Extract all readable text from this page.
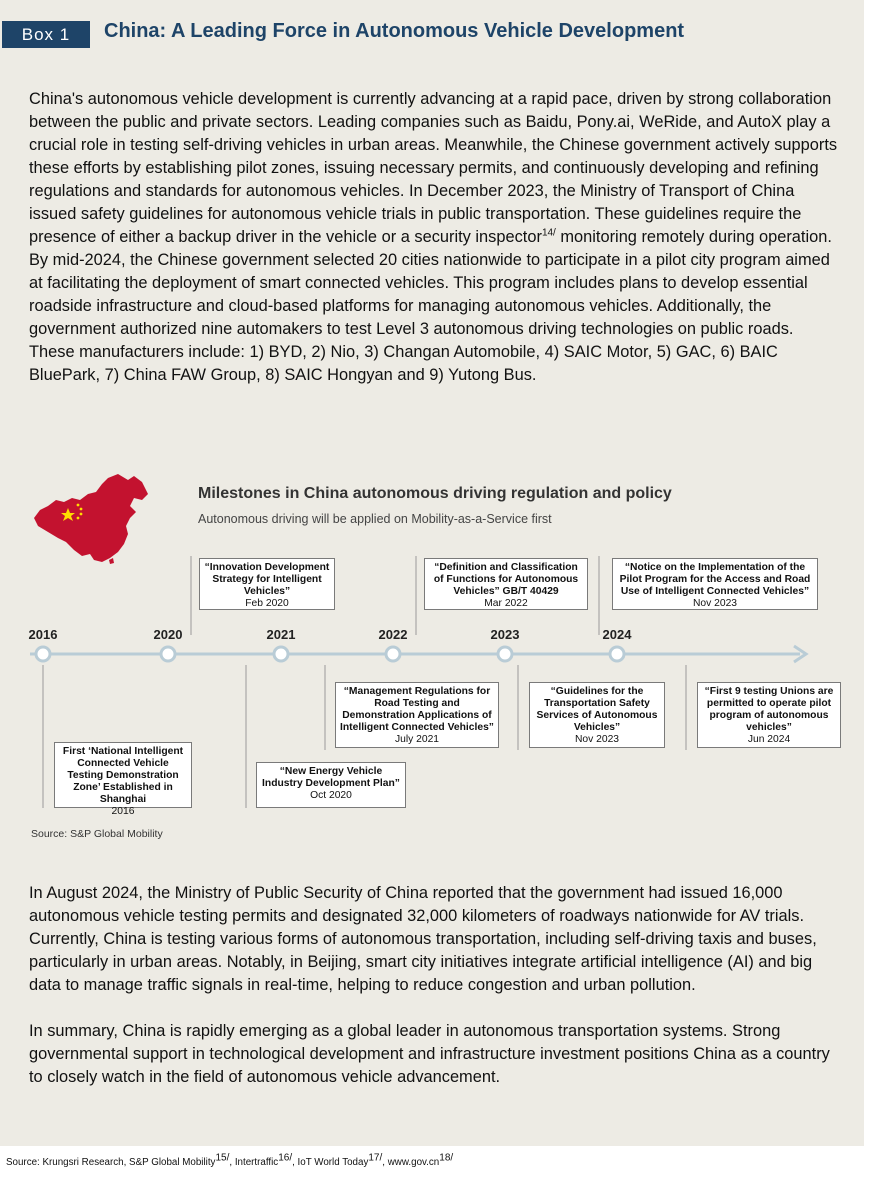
Box 1	China: A Leading Force in Autonomous Vehicle Development

China's autonomous vehicle development is currently advancing at a rapid pace, driven by strong collaboration between the public and private sectors. Leading companies such as Baidu, Pony.ai, WeRide, and AutoX play a crucial role in testing self-driving vehicles in urban areas. Meanwhile, the Chinese government actively supports these efforts by establishing pilot zones, issuing necessary permits, and continuously developing and refining regulations and standards for autonomous vehicles. In December 2023, the Ministry of Transport of China issued safety guidelines for autonomous vehicle trials in public transportation. These guidelines require the presence of either a backup driver in the vehicle or a security inspector$^{14/}$ monitoring remotely during operation.

By mid-2024, the Chinese government selected 20 cities nationwide to participate in a pilot city program aimed at facilitating the deployment of smart connected vehicles. This program includes plans to develop essential roadside infrastructure and cloud-based platforms for managing autonomous vehicles. Additionally, the government authorized nine automakers to test Level 3 autonomous driving technologies on public roads. These manufacturers include: 1) BYD, 2) Nio, 3) Changan Automobile, 4) SAIC Motor, 5) GAC, 6) BAIC BluePark, 7) China FAW Group, 8) SAIC Hongyan and 9) Yutong Bus.

Milestones in China autonomous driving regulation and policy
Autonomous driving will be applied on Mobility-as-a-Service first
2016	2020	2021	2022	2023	2024
“Innovation Development Strategy for Intelligent Vehicles”
Feb 2020
“Definition and Classification of Functions for Autonomous Vehicles” GB/T 40429
Mar 2022
“Notice on the Implementation of the Pilot Program for the Access and Road Use of Intelligent Connected Vehicles”
Nov 2023
First ‘National Intelligent Connected Vehicle Testing Demonstration Zone’ Established in Shanghai
2016
“New Energy Vehicle Industry Development Plan”
Oct 2020
“Management Regulations for Road Testing and Demonstration Applications of Intelligent Connected Vehicles”
July 2021
“Guidelines for the Transportation Safety Services of Autonomous Vehicles”
Nov 2023
“First 9 testing Unions are permitted to operate pilot program of autonomous vehicles”
Jun 2024
Source: S&P Global Mobility

In August 2024, the Ministry of Public Security of China reported that the government had issued 16,000 autonomous vehicle testing permits and designated 32,000 kilometers of roadways nationwide for AV trials. Currently, China is testing various forms of autonomous transportation, including self-driving taxis and buses, particularly in urban areas. Notably, in Beijing, smart city initiatives integrate artificial intelligence (AI) and big data to manage traffic signals in real-time, helping to reduce congestion and urban pollution.

In summary, China is rapidly emerging as a global leader in autonomous transportation systems. Strong governmental support in technological development and infrastructure investment positions China as a country to closely watch in the field of autonomous vehicle advancement.

Source: Krungsri Research, S&P Global Mobility$^{15/}$, Intertraffic$^{16/}$, IoT World Today$^{17/}$, $www.gov.cn^{18/}$
